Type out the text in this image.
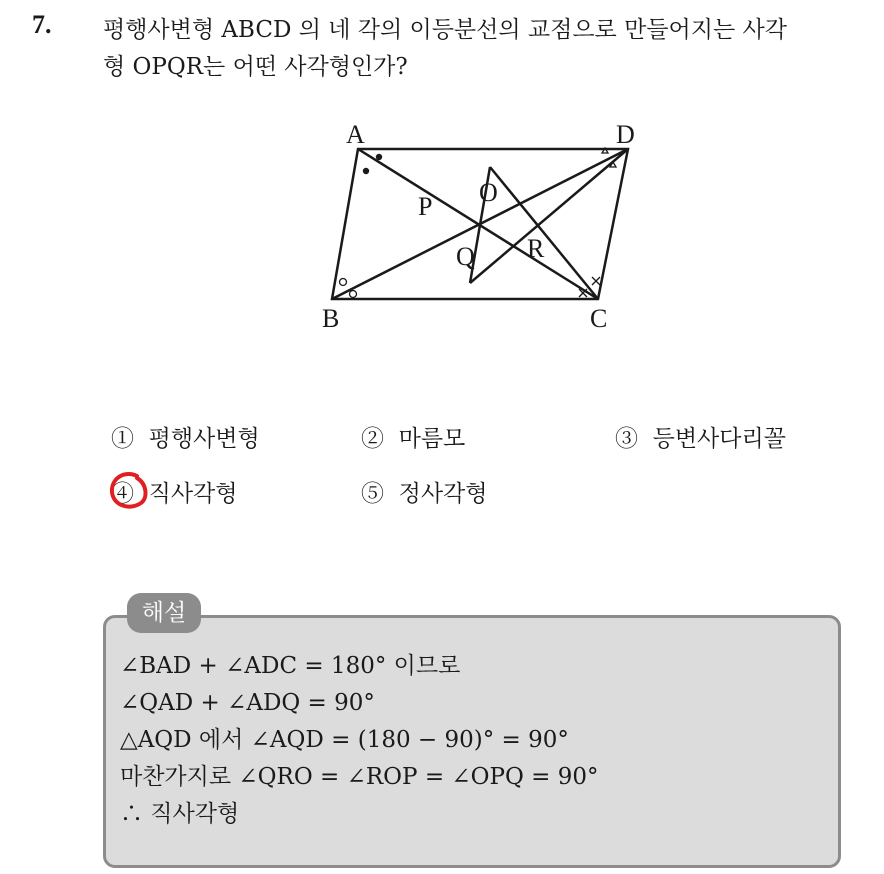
7. 평행사변형 ABCD 의 네 각의 이등분선의 교점으로 만들어지는 사각
형 OPQR는 어떤 사각형인가?
A	D
B	C
O
P
Q R
① 평행사변형	② 마름모	③ 등변사다리꼴
④ 직사각형	⑤ 정사각형
해설
∠BAD + ∠ADC = 180° 이므로
∠QAD + ∠ADQ = 90°
△AQD 에서 ∠AQD = (180 − 90)° = 90°
마찬가지로 ∠QRO = ∠ROP = ∠OPQ = 90°
∴ 직사각형
